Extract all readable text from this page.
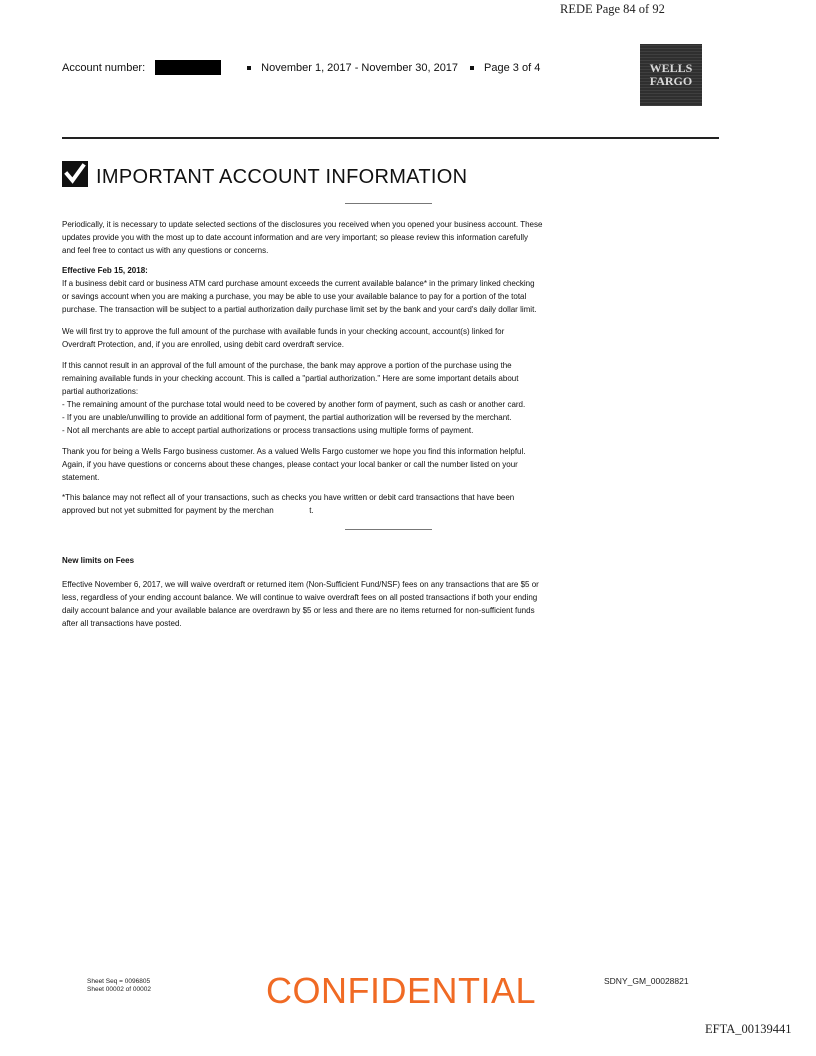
REDE Page 84 of 92
Account number:	November 1, 2017 - November 30, 2017 Page 3 of 4	WELLS
FARGO
IMPORTANT ACCOUNT INFORMATION

Periodically, it is necessary to update selected sections of the disclosures you received when you opened your business account. These

updates provide you with the most up to date account information and are very important; so please review this information carefully

and feel free to contact us with any questions or concerns.

Effective Feb 15, 2018:

If a business debit card or business ATM card purchase amount exceeds the current available balance* in the primary linked checking

or savings account when you are making a purchase, you may be able to use your available balance to pay for a portion of the total

purchase. The transaction will be subject to a partial authorization daily purchase limit set by the bank and your card's daily dollar limit.

We will first try to approve the full amount of the purchase with available funds in your checking account, account(s) linked for

Overdraft Protection, and, if you are enrolled, using debit card overdraft service.

If this cannot result in an approval of the full amount of the purchase, the bank may approve a portion of the purchase using the

remaining available funds in your checking account. This is called a "partial authorization." Here are some important details about

partial authorizations:

- The remaining amount of the purchase total would need to be covered by another form of payment, such as cash or another card.

- If you are unable/unwilling to provide an additional form of payment, the partial authorization will be reversed by the merchant.

- Not all merchants are able to accept partial authorizations or process transactions using multiple forms of payment.

Thank you for being a Wells Fargo business customer. As a valued Wells Fargo customer we hope you find this information helpful.

Again, if you have questions or concerns about these changes, please contact your local banker or call the number listed on your

statement.

*This balance may not reflect all of your transactions, such as checks you have written or debit card transactions that have been

approved but not yet submitted for payment by the merchan                t.

New limits on Fees

Effective November 6, 2017, we will waive overdraft or returned item (Non-Sufficient Fund/NSF) fees on any transactions that are $5 or

less, regardless of your ending account balance. We will continue to waive overdraft fees on all posted transactions if both your ending

daily account balance and your available balance are overdrawn by $5 or less and there are no items returned for non-sufficient funds

after all transactions have posted.

Sheet Seq = 0096805
Sheet 00002 of 00002	CONFIDENTIAL	SDNY_GM_00028821
EFTA_00139441
